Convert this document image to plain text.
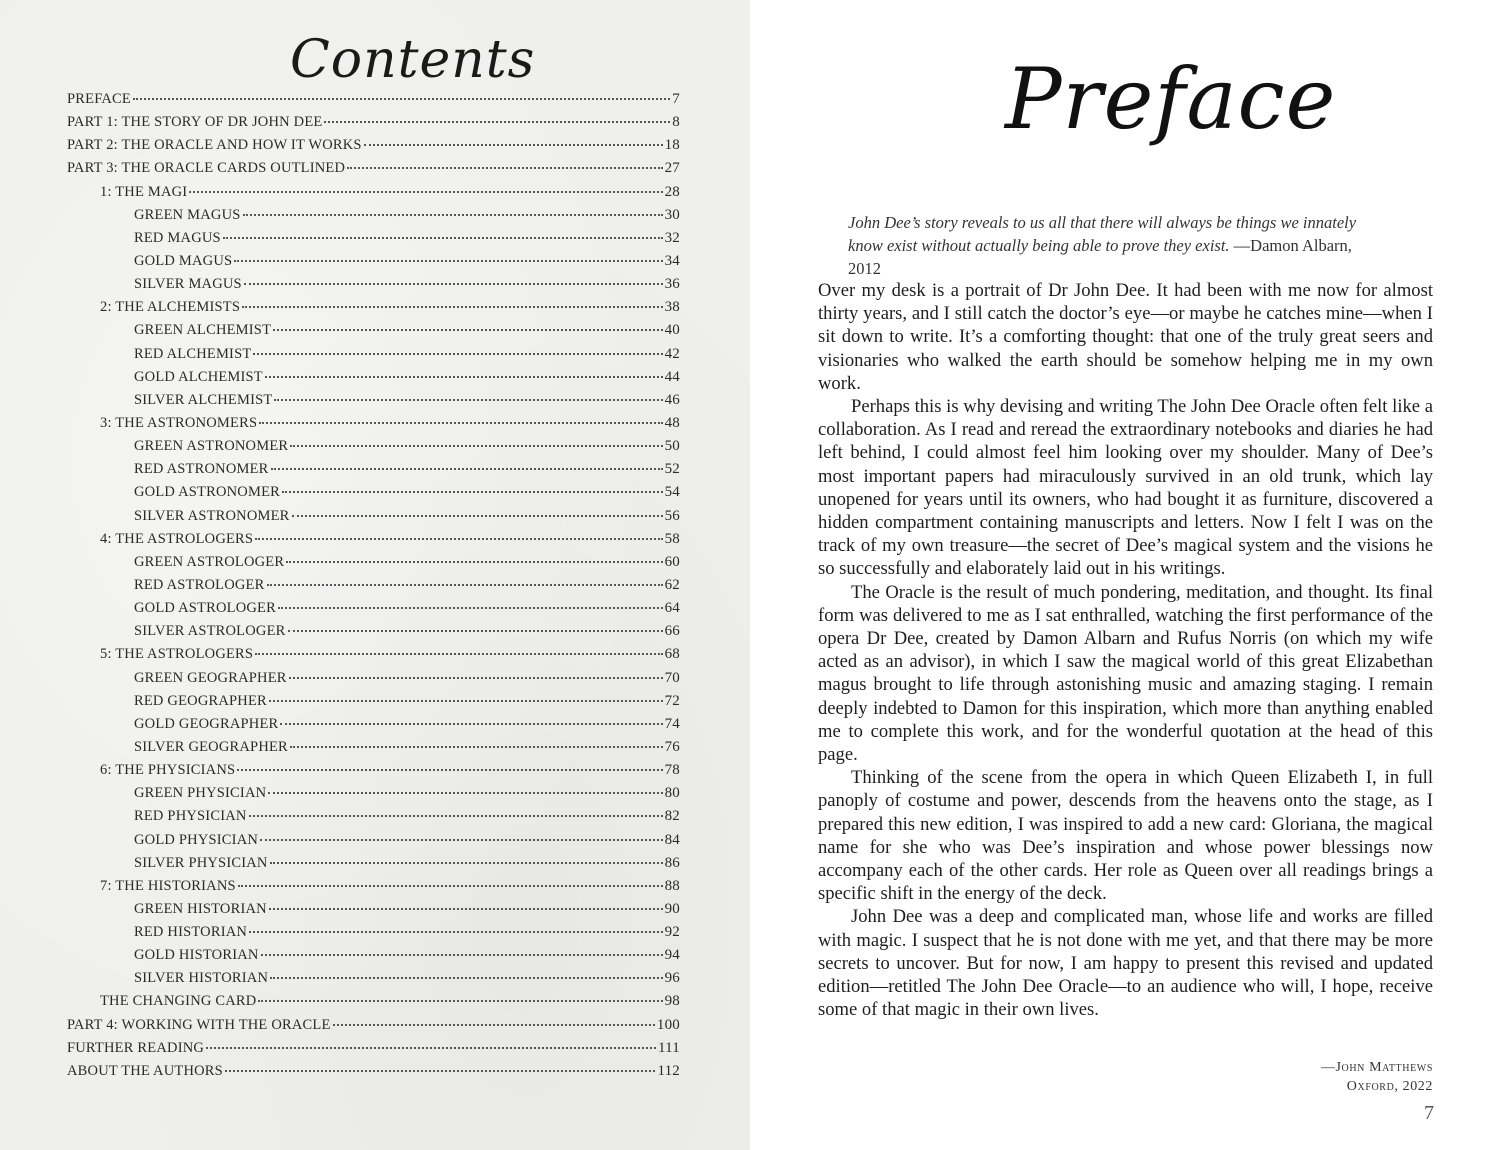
Contents
PREFACE	7
PART 1: THE STORY OF DR JOHN DEE	8
PART 2: THE ORACLE AND HOW IT WORKS	18
PART 3: THE ORACLE CARDS OUTLINED	27
1: THE MAGI	28
GREEN MAGUS	30
RED MAGUS	32
GOLD MAGUS	34
SILVER MAGUS	36
2: THE ALCHEMISTS	38
GREEN ALCHEMIST	40
RED ALCHEMIST	42
GOLD ALCHEMIST	44
SILVER ALCHEMIST	46
3: THE ASTRONOMERS	48
GREEN ASTRONOMER	50
RED ASTRONOMER	52
GOLD ASTRONOMER	54
SILVER ASTRONOMER	56
4: THE ASTROLOGERS	58
GREEN ASTROLOGER	60
RED ASTROLOGER	62
GOLD ASTROLOGER	64
SILVER ASTROLOGER	66
5: THE ASTROLOGERS	68
GREEN GEOGRAPHER	70
RED GEOGRAPHER	72
GOLD GEOGRAPHER	74
SILVER GEOGRAPHER	76
6: THE PHYSICIANS	78
GREEN PHYSICIAN	80
RED PHYSICIAN	82
GOLD PHYSICIAN	84
SILVER PHYSICIAN	86
7: THE HISTORIANS	88
GREEN HISTORIAN	90
RED HISTORIAN	92
GOLD HISTORIAN	94
SILVER HISTORIAN	96
THE CHANGING CARD	98
PART 4: WORKING WITH THE ORACLE	100
FURTHER READING	111
ABOUT THE AUTHORS	112
Preface
John Dee’s story reveals to us all that there will always be things we innately know exist without actually being able to prove they exist. —Damon Albarn, 2012

Over my desk is a portrait of Dr John Dee. It had been with me now for almost thirty years, and I still catch the doctor’s eye—or maybe he catches mine—when I sit down to write. It’s a comforting thought: that one of the truly great seers and visionaries who walked the earth should be somehow helping me in my own work.

Perhaps this is why devising and writing The John Dee Oracle often felt like a collaboration. As I read and reread the extraordinary notebooks and diaries he had left behind, I could almost feel him looking over my shoulder. Many of Dee’s most important papers had miraculously survived in an old trunk, which lay unopened for years until its owners, who had bought it as furniture, discovered a hidden compartment containing manuscripts and letters. Now I felt I was on the track of my own treasure—the secret of Dee’s magical system and the visions he so successfully and elaborately laid out in his writings.

The Oracle is the result of much pondering, meditation, and thought. Its final form was delivered to me as I sat enthralled, watching the first performance of the opera Dr Dee, created by Damon Albarn and Rufus Norris (on which my wife acted as an advisor), in which I saw the magical world of this great Elizabethan magus brought to life through astonishing music and amazing staging. I remain deeply indebted to Damon for this inspiration, which more than anything enabled me to complete this work, and for the wonderful quotation at the head of this page.

Thinking of the scene from the opera in which Queen Elizabeth I, in full panoply of costume and power, descends from the heavens onto the stage, as I prepared this new edition, I was inspired to add a new card: Gloriana, the magical name for she who was Dee’s inspiration and whose power blessings now accompany each of the other cards. Her role as Queen over all readings brings a specific shift in the energy of the deck.

John Dee was a deep and complicated man, whose life and works are filled with magic. I suspect that he is not done with me yet, and that there may be more secrets to uncover. But for now, I am happy to present this revised and updated edition—retitled The John Dee Oracle—to an audience who will, I hope, receive some of that magic in their own lives.

—John Matthews
Oxford, 2022
7
